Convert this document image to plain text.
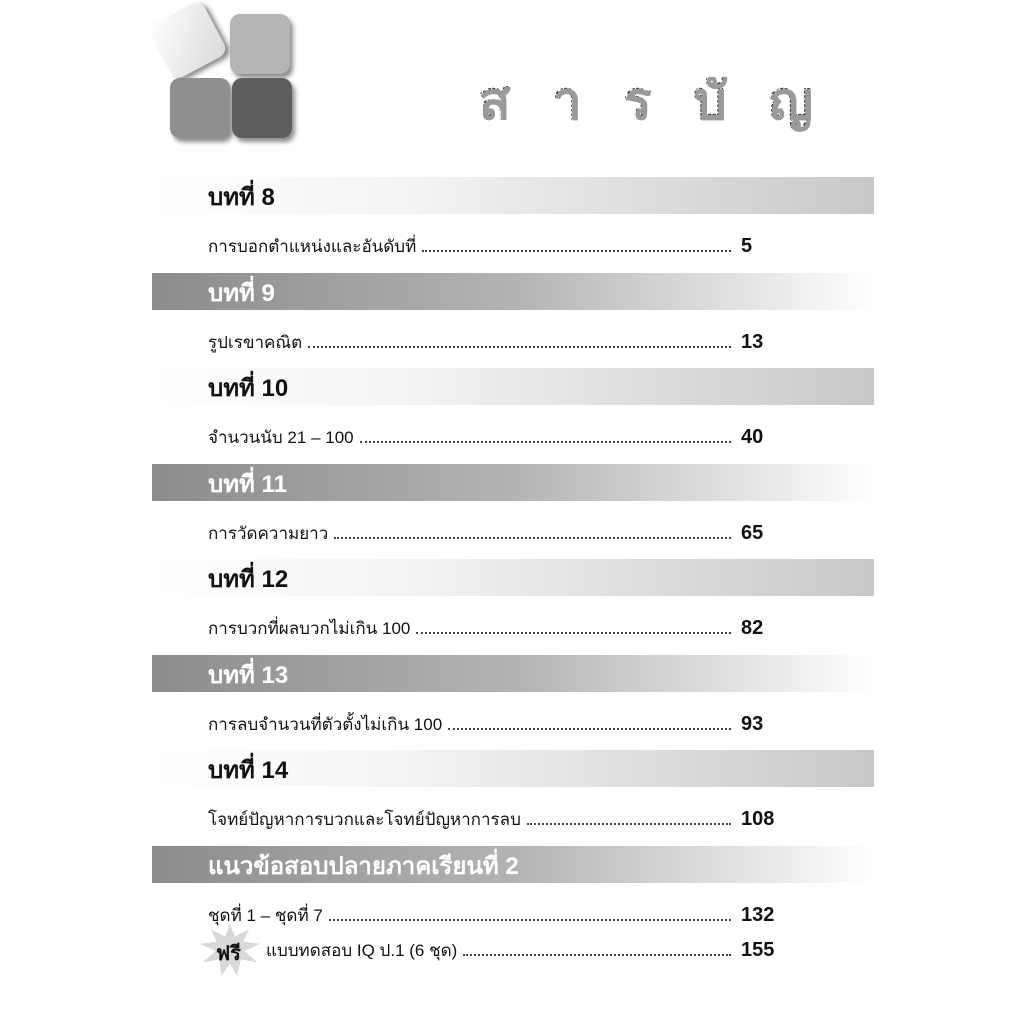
สารบัญ
บทที่ 8
การบอกตำแหน่งและอันดับที่	5
บทที่ 9
รูปเรขาคณิต	13
บทที่ 10
จำนวนนับ 21 – 100	40
บทที่ 11
การวัดความยาว	65
บทที่ 12
การบวกที่ผลบวกไม่เกิน 100	82
บทที่ 13
การลบจำนวนที่ตัวตั้งไม่เกิน 100	93
บทที่ 14
โจทย์ปัญหาการบวกและโจทย์ปัญหาการลบ	108
แนวข้อสอบปลายภาคเรียนที่ 2
ชุดที่ 1 – ชุดที่ 7	132
ฟรี แบบทดสอบ IQ ป.1 (6 ชุด)	155
